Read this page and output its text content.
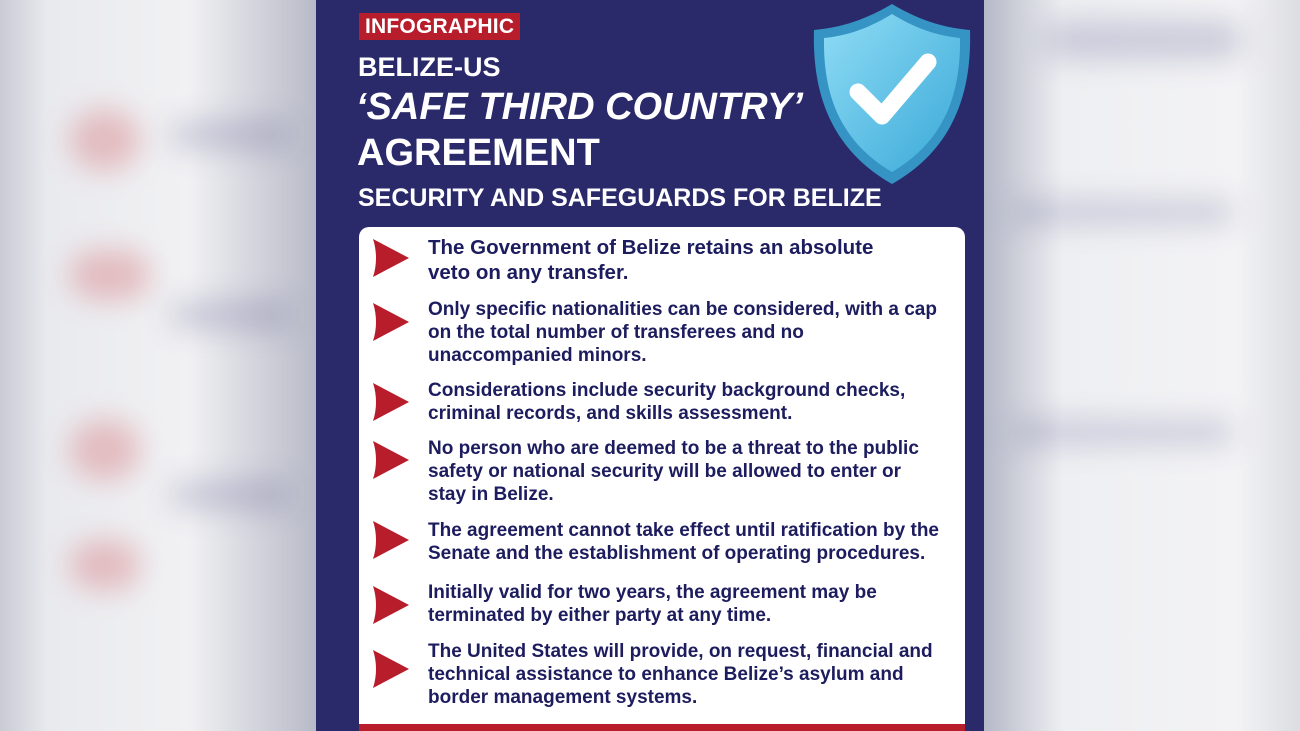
INFOGRAPHIC
BELIZE-US
‘SAFE THIRD COUNTRY’
AGREEMENT
SECURITY AND SAFEGUARDS FOR BELIZE
The Government of Belize retains an absolute
veto on any transfer.
Only specific nationalities can be considered, with a cap
on the total number of transferees and no
unaccompanied minors.
Considerations include security background checks,
criminal records, and skills assessment.
No person who are deemed to be a threat to the public
safety or national security will be allowed to enter or
stay in Belize.
The agreement cannot take effect until ratification by the
Senate and the establishment of operating procedures.
Initially valid for two years, the agreement may be
terminated by either party at any time.
The United States will provide, on request, financial and
technical assistance to enhance Belize’s asylum and
border management systems.
